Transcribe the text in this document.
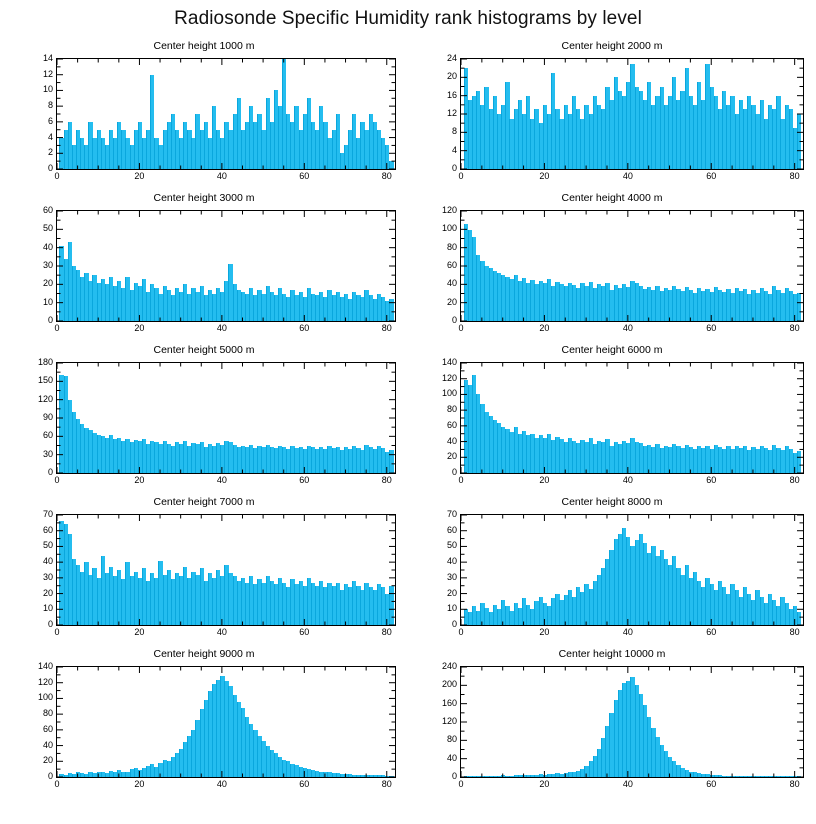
Radiosonde Specific Humidity rank histograms by level
Center height 1000 m
0	20	40	60	80
0
2
4
6
8
10
12
14
Center height 2000 m
0	20	40	60	80
0
4
8
12
16
20
24
Center height 3000 m
0	20	40	60	80
0
10
20
30
40
50
60
Center height 4000 m
0	20	40	60	80
0
20
40
60
80
100
120
Center height 5000 m
0	20	40	60	80
0
30
60
90
120
150
180
Center height 6000 m
0	20	40	60	80
0
20
40
60
80
100
120
140
Center height 7000 m
0	20	40	60	80
0
10
20
30
40
50
60
70
Center height 8000 m
0	20	40	60	80
0
10
20
30
40
50
60
70
Center height 9000 m
0	20	40	60	80
0
20
40
60
80
100
120
140
Center height 10000 m
0	20	40	60	80
0
40
80
120
160
200
240
